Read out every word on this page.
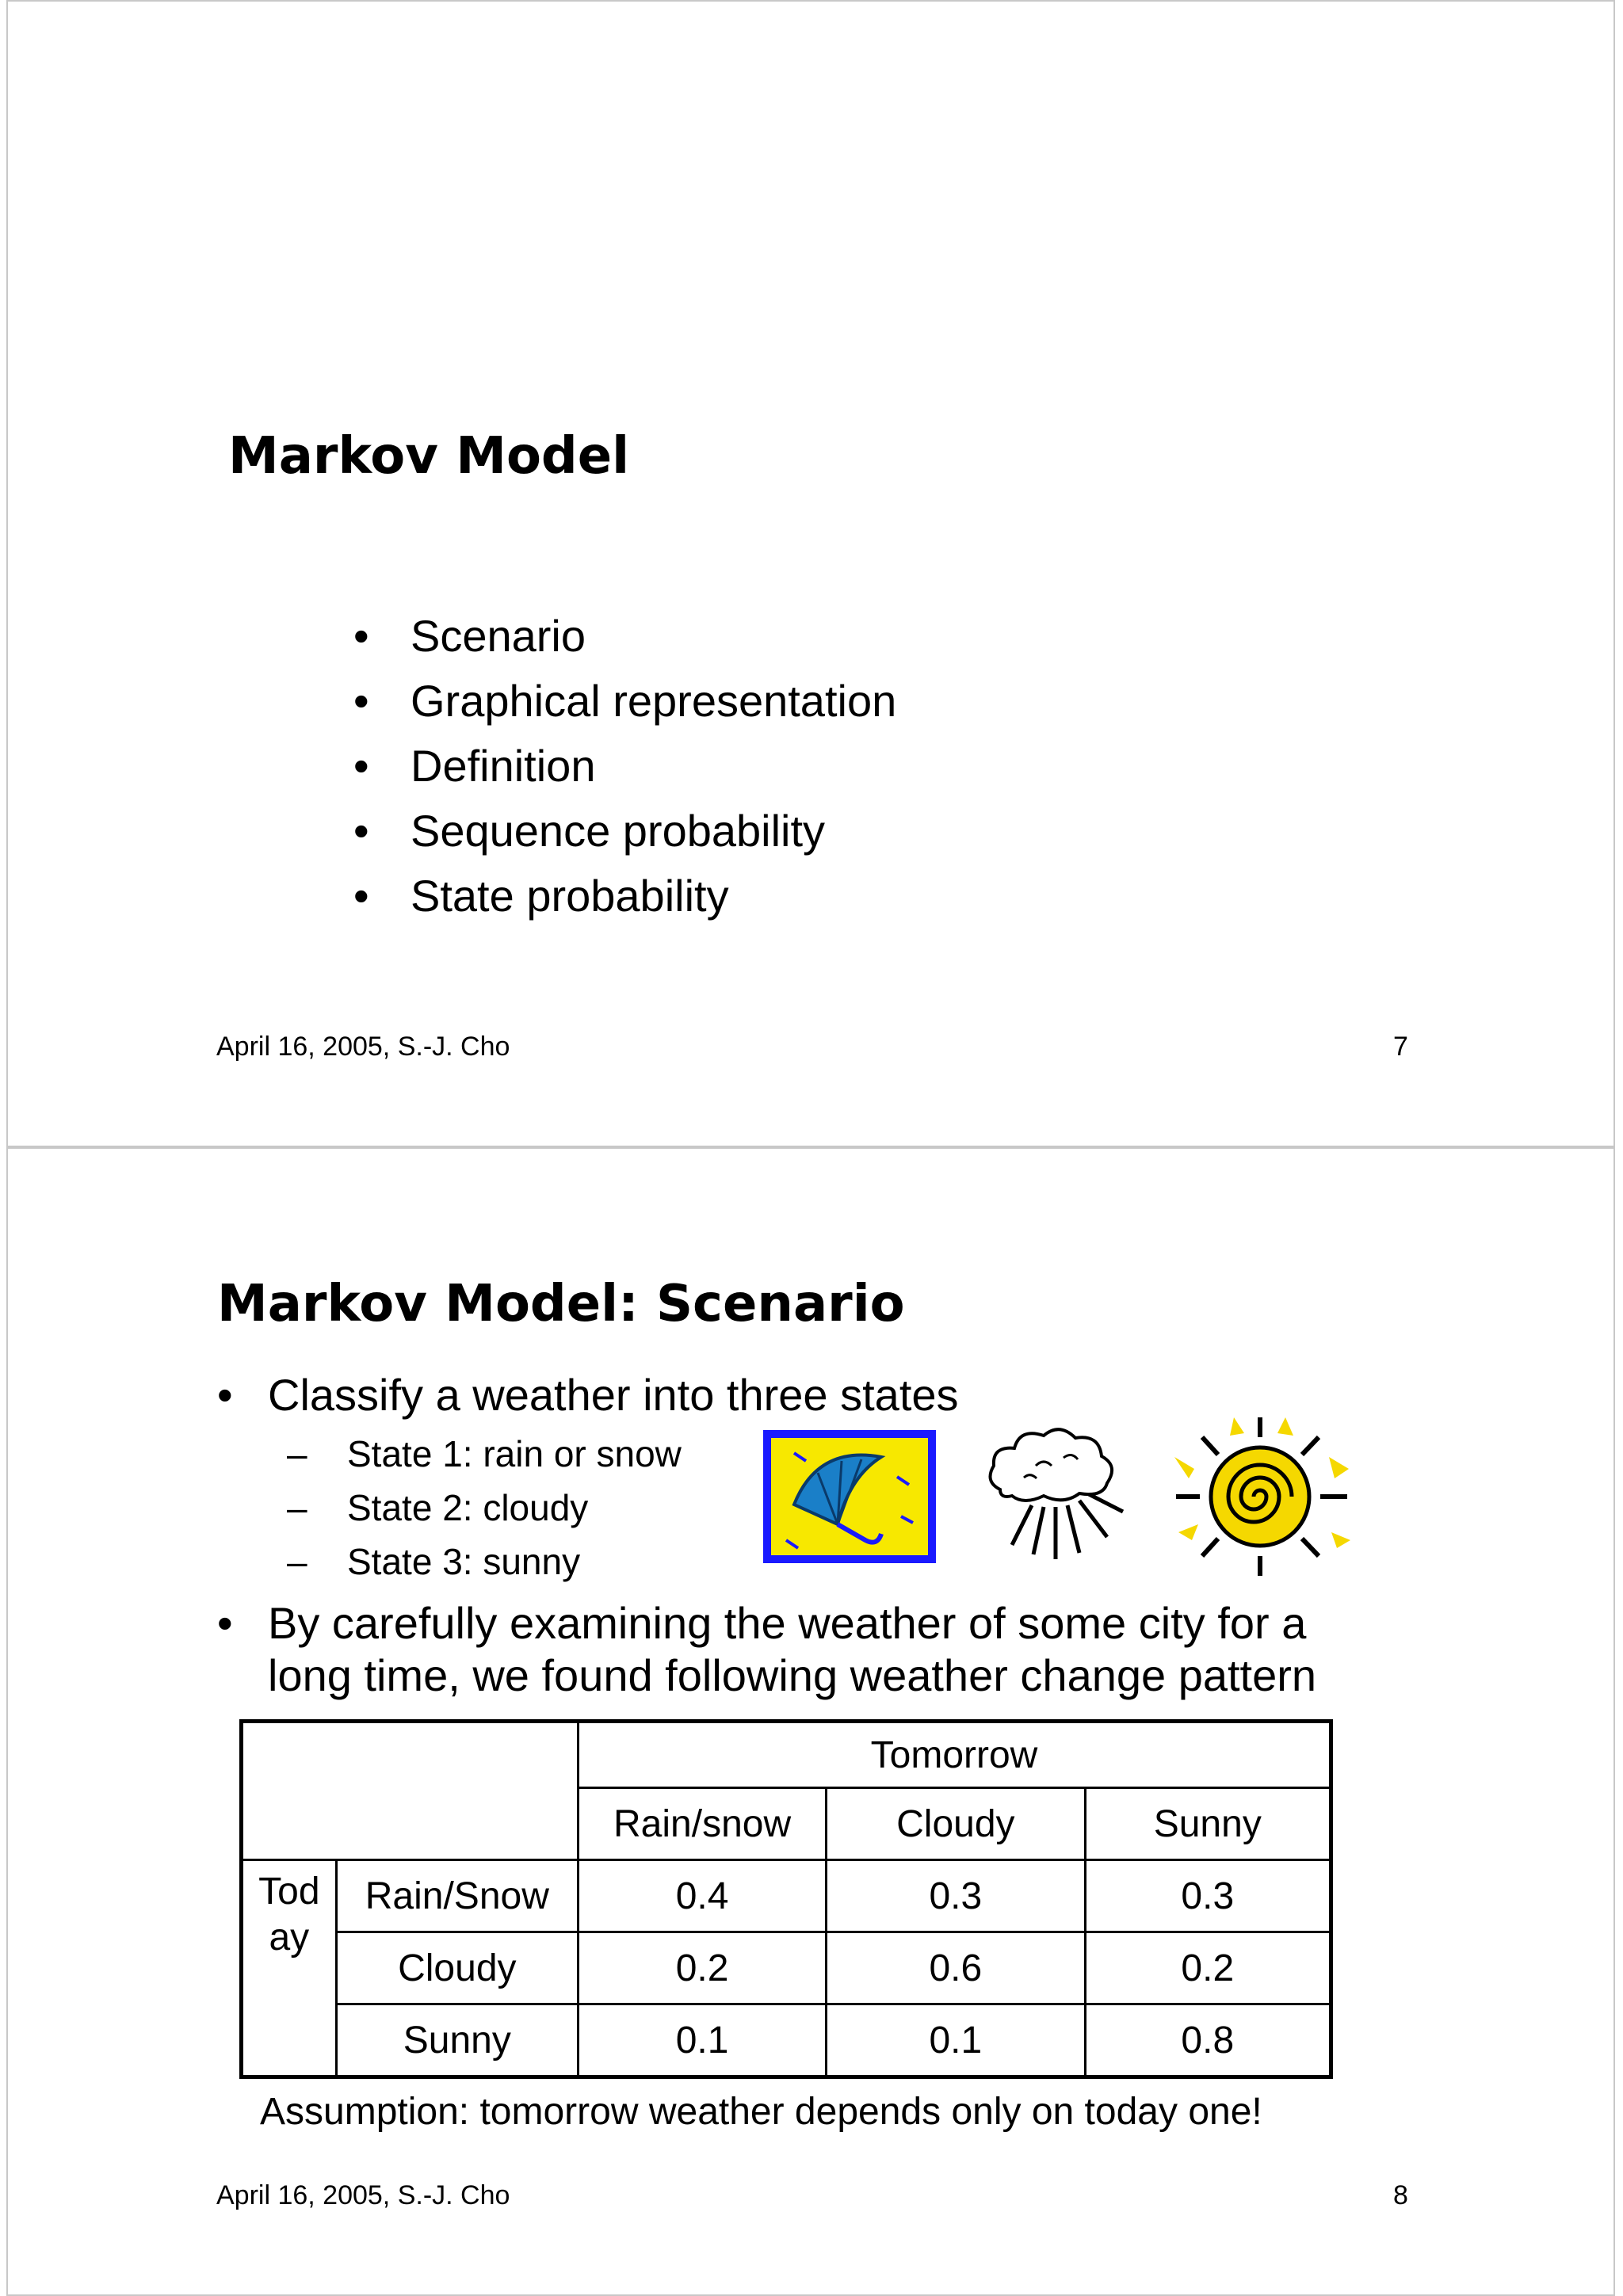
Markov Model
• Scenario
• Graphical representation
• Definition
• Sequence probability
• State probability
April 16, 2005, S.-J. Cho	7
Markov Model: Scenario
• Classify a weather into three states
– State 1: rain or snow
– State 2: cloudy
– State 3: sunny
• By carefully examining the weather of some city for a
long time, we found following weather change pattern
April 16, 2005, S.-J. Cho	8
		Tomorrow		
		Rain/snow	Cloudy	Sunny
Tod
ay	Rain/Snow	0.4	0.3	0.3
	Cloudy	0.2	0.6	0.2
	Sunny	0.1	0.1	0.8
Assumption: tomorrow weather depends only on today one!
